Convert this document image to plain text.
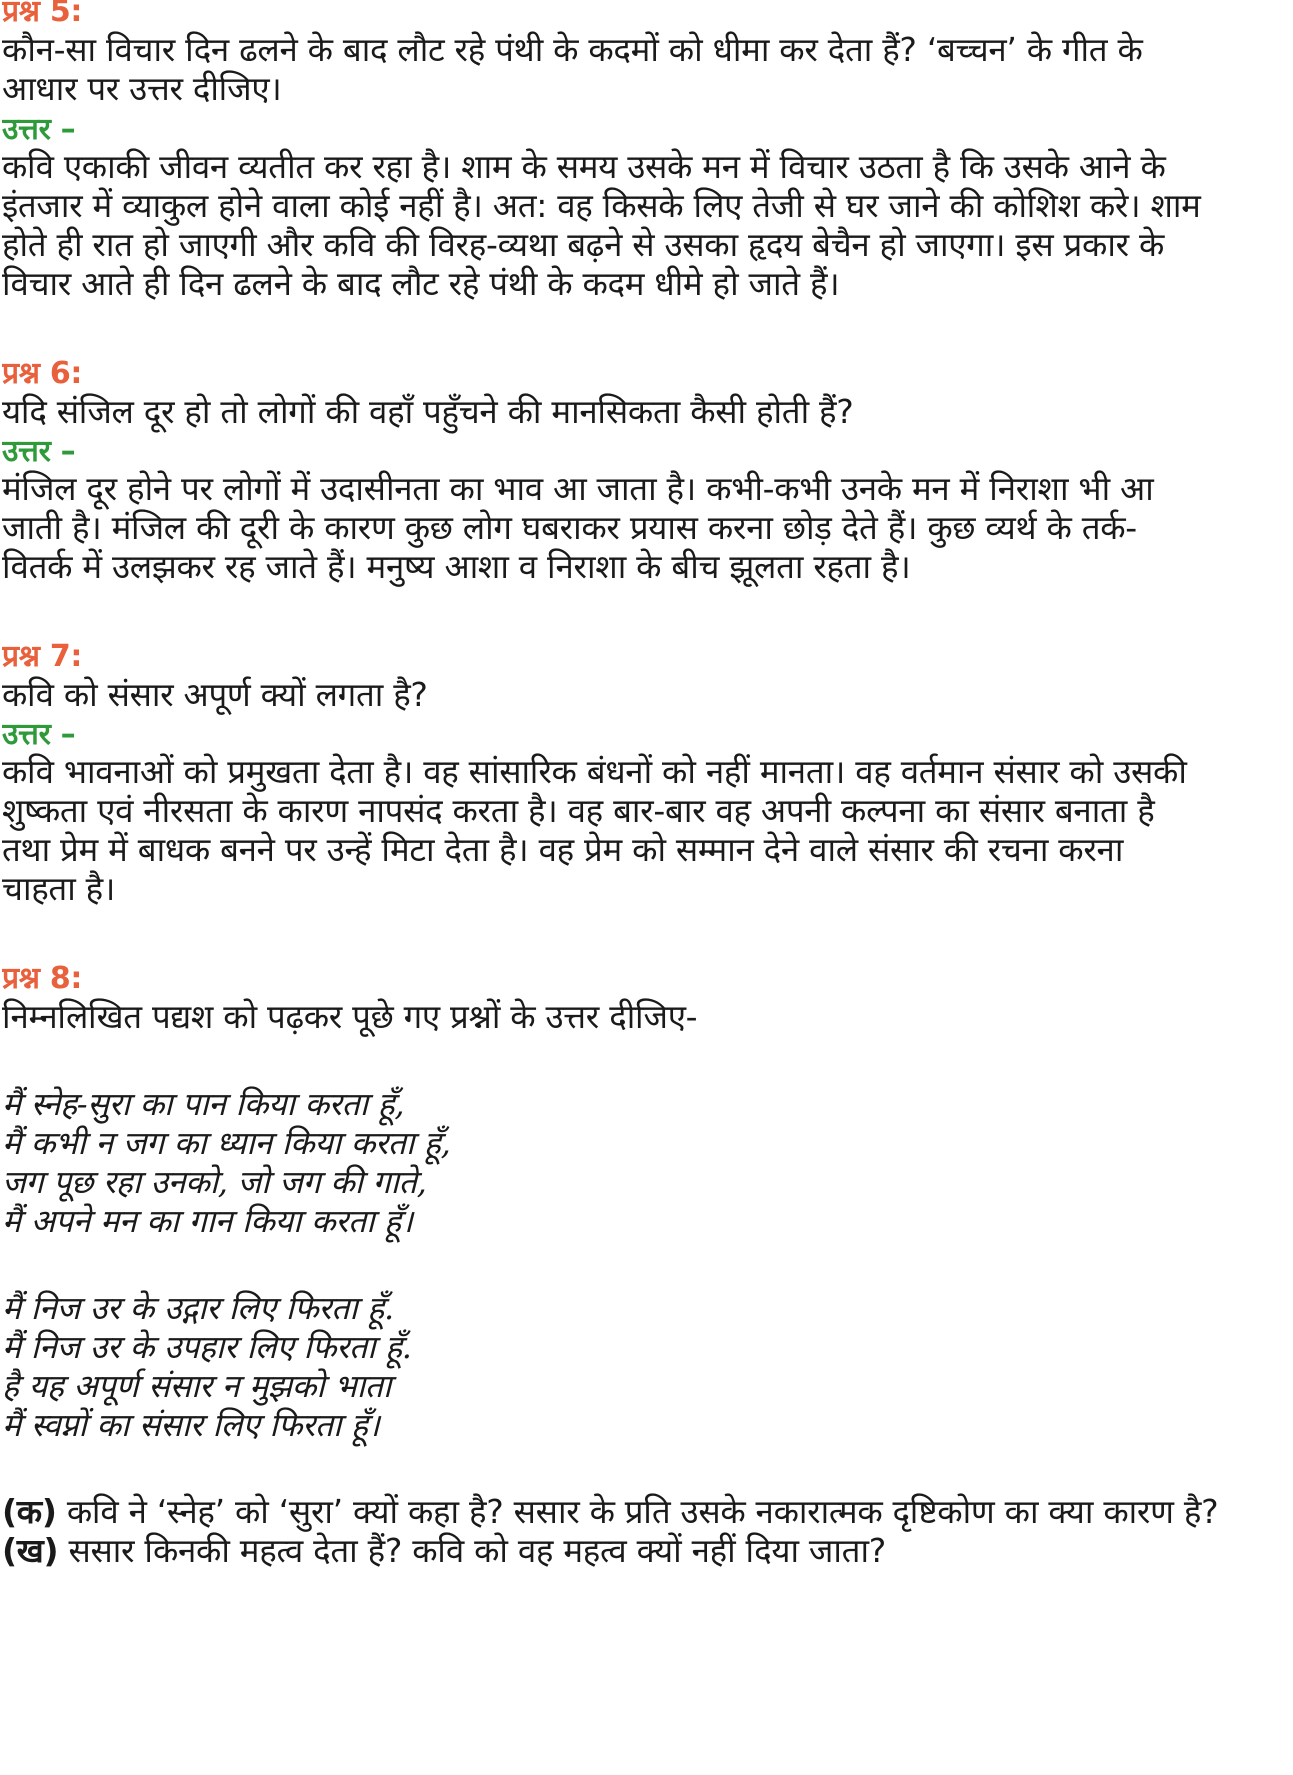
प्रश्न 5:
कौन-सा विचार दिन ढलने के बाद लौट रहे पंथी के कदमों को धीमा कर देता हैं? ‘बच्चन’ के गीत के
आधार पर उत्तर दीजिए।
उत्तर –
कवि एकाकी जीवन व्यतीत कर रहा है। शाम के समय उसके मन में विचार उठता है कि उसके आने के
इंतजार में व्याकुल होने वाला कोई नहीं है। अत: वह किसके लिए तेजी से घर जाने की कोशिश करे। शाम
होते ही रात हो जाएगी और कवि की विरह-व्यथा बढ़ने से उसका हृदय बेचैन हो जाएगा। इस प्रकार के
विचार आते ही दिन ढलने के बाद लौट रहे पंथी के कदम धीमे हो जाते हैं।
प्रश्न 6:
यदि संजिल दूर हो तो लोगों की वहाँ पहुँचने की मानसिकता कैसी होती हैं?
उत्तर –
मंजिल दूर होने पर लोगों में उदासीनता का भाव आ जाता है। कभी-कभी उनके मन में निराशा भी आ
जाती है। मंजिल की दूरी के कारण कुछ लोग घबराकर प्रयास करना छोड़ देते हैं। कुछ व्यर्थ के तर्क-
वितर्क में उलझकर रह जाते हैं। मनुष्य आशा व निराशा के बीच झूलता रहता है।
प्रश्न 7:
कवि को संसार अपूर्ण क्यों लगता है?
उत्तर –
कवि भावनाओं को प्रमुखता देता है। वह सांसारिक बंधनों को नहीं मानता। वह वर्तमान संसार को उसकी
शुष्कता एवं नीरसता के कारण नापसंद करता है। वह बार-बार वह अपनी कल्पना का संसार बनाता है
तथा प्रेम में बाधक बनने पर उन्हें मिटा देता है। वह प्रेम को सम्मान देने वाले संसार की रचना करना
चाहता है।
प्रश्न 8:
निम्नलिखित पद्यश को पढ़कर पूछे गए प्रश्नों के उत्तर दीजिए-
मैं स्नेह-सुरा का पान किया करता हूँ,
मैं कभी न जग का ध्यान किया करता हूँ,
जग पूछ रहा उनको, जो जग की गाते,
मैं अपने मन का गान किया करता हूँ।
मैं निज उर के उद्गार लिए फिरता हूँ.
मैं निज उर के उपहार लिए फिरता हूँ.
है यह अपूर्ण संसार न मुझको भाता
मैं स्वप्नों का संसार लिए फिरता हूँ।
(क) कवि ने ‘स्नेह’ को ‘सुरा’ क्यों कहा है? ससार के प्रति उसके नकारात्मक दृष्टिकोण का क्या कारण है?
(ख) ससार किनकी महत्व देता हैं? कवि को वह महत्व क्यों नहीं दिया जाता?
